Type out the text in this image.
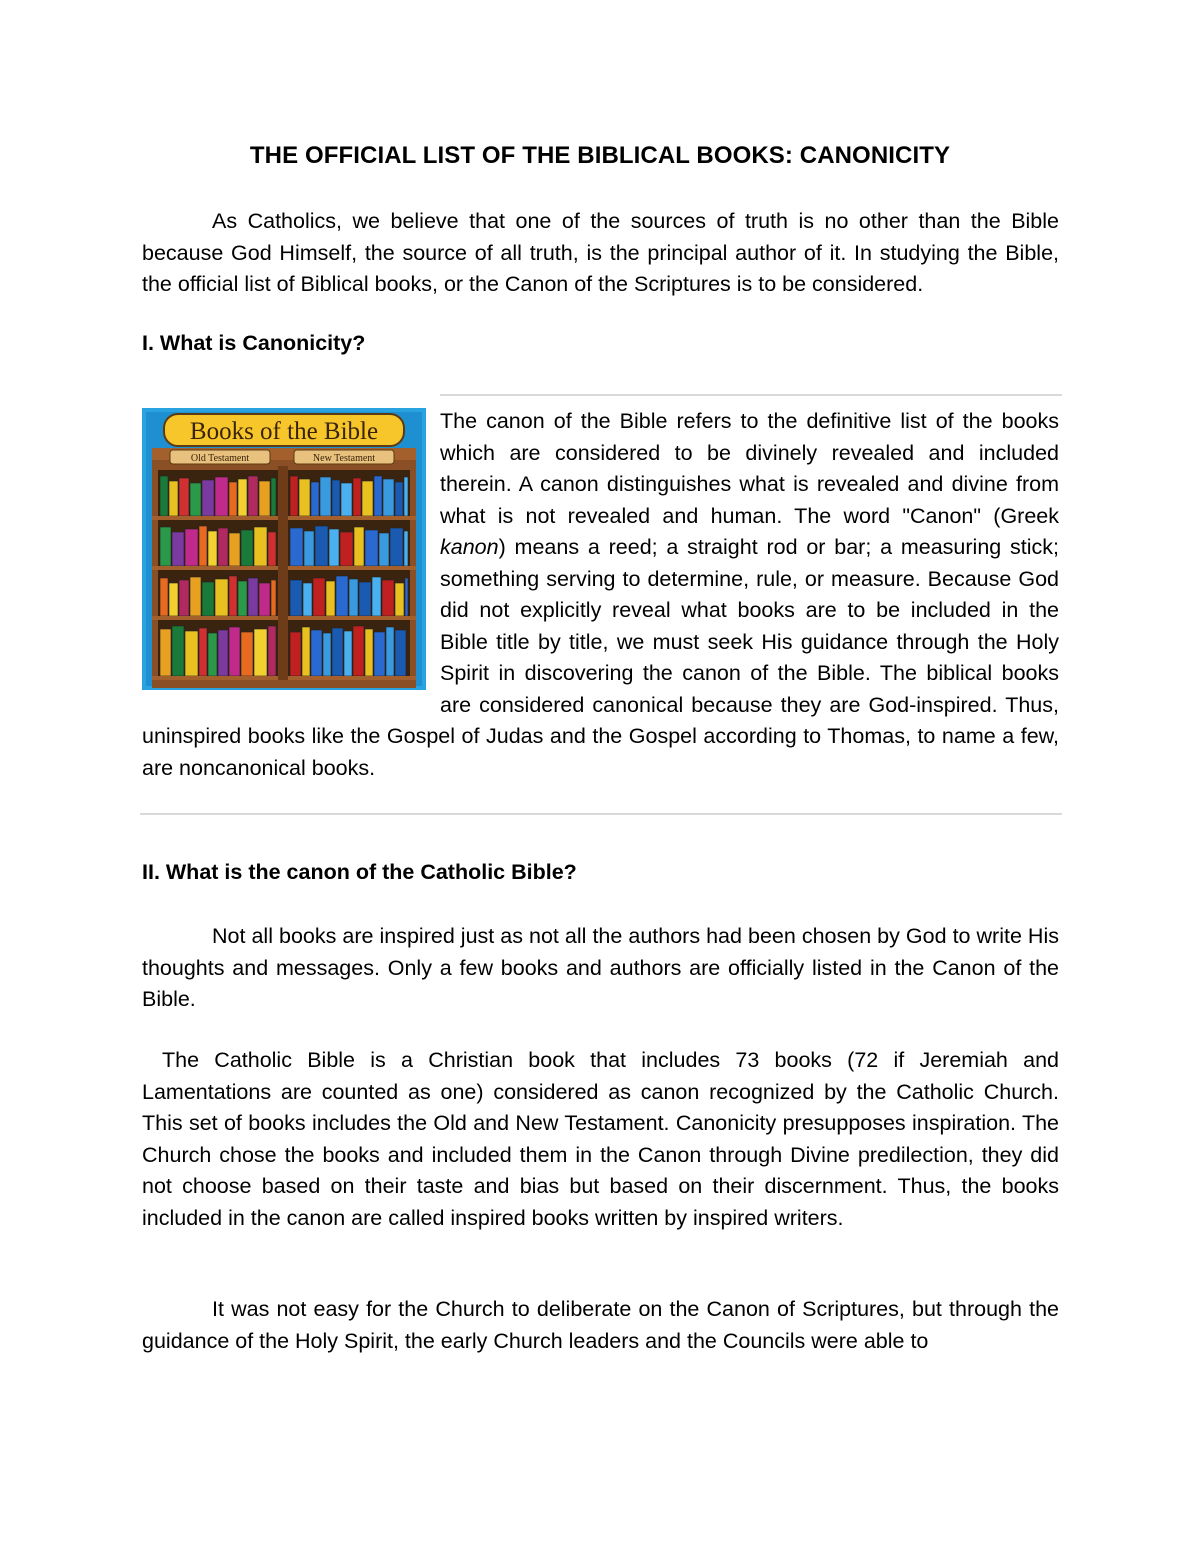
THE OFFICIAL LIST OF THE BIBLICAL BOOKS: CANONICITY

As Catholics, we believe that one of the sources of truth is no other than the Bible because God Himself, the source of all truth, is the principal author of it. In studying the Bible, the official list of Biblical books, or the Canon of the Scriptures is to be considered.

I. What is Canonicity?

Books of the Bible
Old Testament	New Testament
The canon of the Bible refers to the definitive list of the books which are considered to be divinely revealed and included therein. A canon distinguishes what is revealed and divine from what is not revealed and human. The word "Canon" (Greek kanon) means a reed; a straight rod or bar; a measuring stick; something serving to determine, rule, or measure. Because God did not explicitly reveal what books are to be included in the Bible title by title, we must seek His guidance through the Holy Spirit in discovering the canon of the Bible. The biblical books are considered canonical because they are God-inspired. Thus, uninspired books like the Gospel of Judas and the Gospel according to Thomas, to name a few, are noncanonical books.

II. What is the canon of the Catholic Bible?

Not all books are inspired just as not all the authors had been chosen by God to write His thoughts and messages. Only a few books and authors are officially listed in the Canon of the Bible.

The Catholic Bible is a Christian book that includes 73 books (72 if Jeremiah and Lamentations are counted as one) considered as canon recognized by the Catholic Church. This set of books includes the Old and New Testament. Canonicity presupposes inspiration. The Church chose the books and included them in the Canon through Divine predilection, they did not choose based on their taste and bias but based on their discernment. Thus, the books included in the canon are called inspired books written by inspired writers.

It was not easy for the Church to deliberate on the Canon of Scriptures, but through the guidance of the Holy Spirit, the early Church leaders and the Councils were able to
